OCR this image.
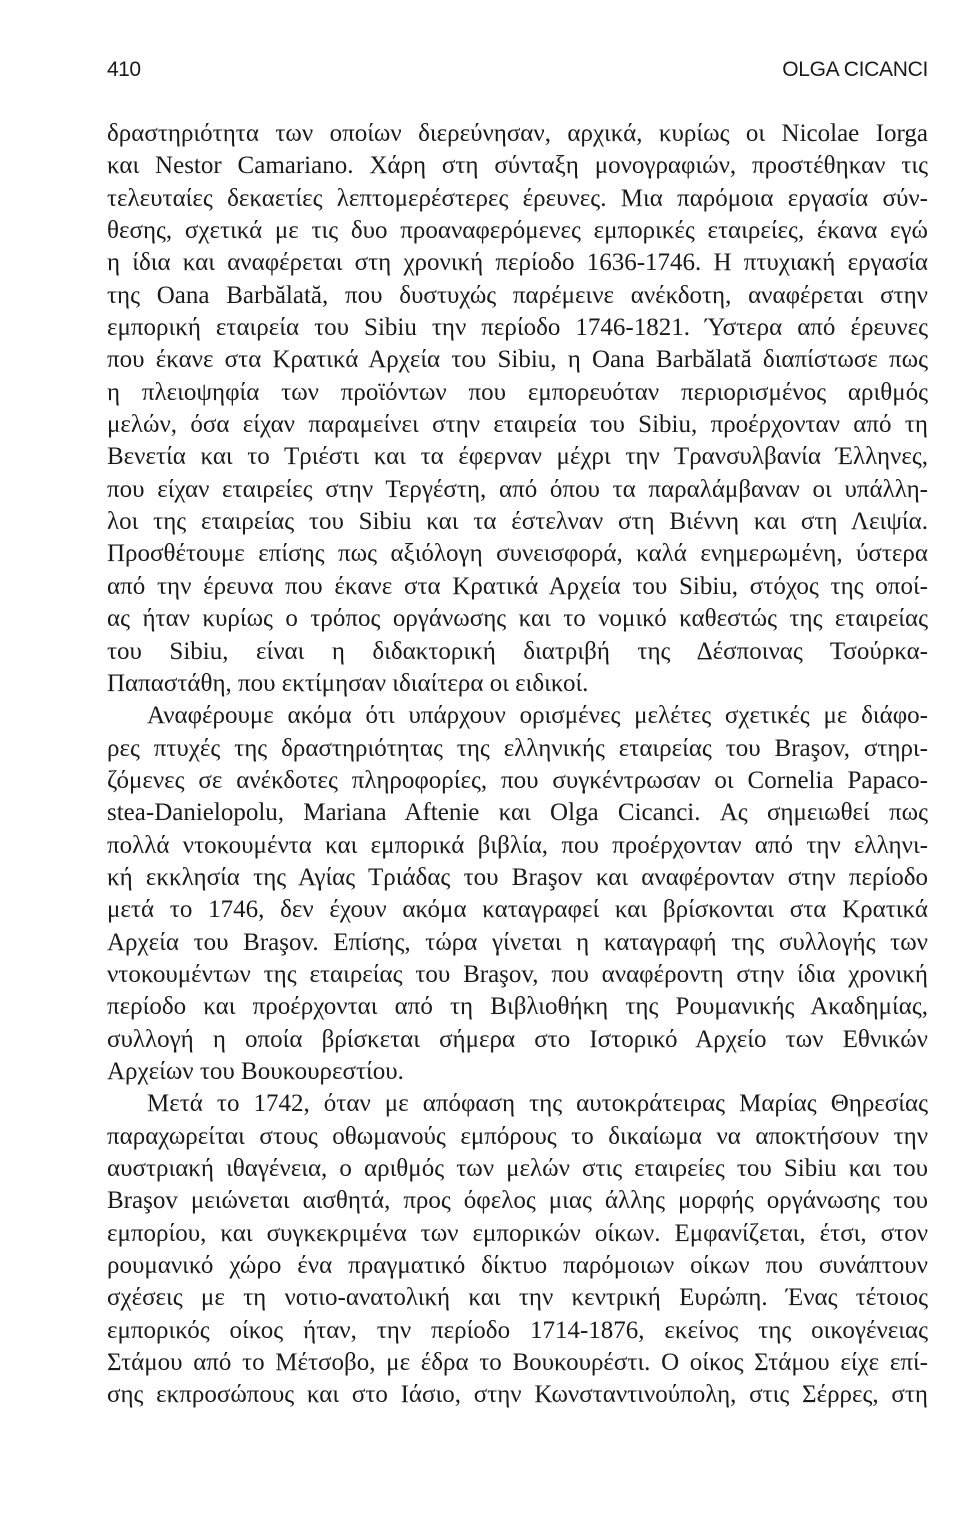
410	OLGA CICANCI
δραστηριότητα των οποίων διερεύνησαν, αρχικά, κυρίως οι Nicolae Iorga
και Nestor Camariano. Χάρη στη σύνταξη μονογραφιών, προστέθηκαν τις
τελευταίες δεκαετίες λεπτομερέστερες έρευνες. Μια παρόμοια εργασία σύν-
θεσης, σχετικά με τις δυο προαναφερόμενες εμπορικές εταιρείες, έκανα εγώ
η ίδια και αναφέρεται στη χρονική περίοδο 1636-1746. Η πτυχιακή εργασία
της Oana Barbălată, που δυστυχώς παρέμεινε ανέκδοτη, αναφέρεται στην
εμπορική εταιρεία του Sibiu την περίοδο 1746-1821. Ύστερα από έρευνες
που έκανε στα Κρατικά Αρχεία του Sibiu, η Oana Barbălată διαπίστωσε πως
η πλειοψηφία των προϊόντων που εμπορευόταν περιορισμένος αριθμός
μελών, όσα είχαν παραμείνει στην εταιρεία του Sibiu, προέρχονταν από τη
Βενετία και το Τριέστι και τα έφερναν μέχρι την Τρανσυλβανία Έλληνες,
που είχαν εταιρείες στην Τεργέστη, από όπου τα παραλάμβαναν οι υπάλλη-
λοι της εταιρείας του Sibiu και τα έστελναν στη Βιέννη και στη Λειψία.
Προσθέτουμε επίσης πως αξιόλογη συνεισφορά, καλά ενημερωμένη, ύστερα
από την έρευνα που έκανε στα Κρατικά Αρχεία του Sibiu, στόχος της οποί-
ας ήταν κυρίως ο τρόπος οργάνωσης και το νομικό καθεστώς της εταιρείας
του Sibiu, είναι η διδακτορική διατριβή της Δέσποινας Τσούρκα-
Παπαστάθη, που εκτίμησαν ιδιαίτερα οι ειδικοί.
Αναφέρουμε ακόμα ότι υπάρχουν ορισμένες μελέτες σχετικές με διάφο-
ρες πτυχές της δραστηριότητας της ελληνικής εταιρείας του Braşov, στηρι-
ζόμενες σε ανέκδοτες πληροφορίες, που συγκέντρωσαν οι Cornelia Papaco-
stea-Danielopolu, Mariana Aftenie και Olga Cicanci. Ας σημειωθεί πως
πολλά ντοκουμέντα και εμπορικά βιβλία, που προέρχονταν από την ελληνι-
κή εκκλησία της Αγίας Τριάδας του Braşov και αναφέρονταν στην περίοδο
μετά το 1746, δεν έχουν ακόμα καταγραφεί και βρίσκονται στα Κρατικά
Αρχεία του Braşov. Επίσης, τώρα γίνεται η καταγραφή της συλλογής των
ντοκουμέντων της εταιρείας του Braşov, που αναφέροντη στην ίδια χρονική
περίοδο και προέρχονται από τη Βιβλιοθήκη της Ρουμανικής Ακαδημίας,
συλλογή η οποία βρίσκεται σήμερα στο Ιστορικό Αρχείο των Εθνικών
Αρχείων του Βουκουρεστίου.
Μετά το 1742, όταν με απόφαση της αυτοκράτειρας Μαρίας Θηρεσίας
παραχωρείται στους οθωμανούς εμπόρους το δικαίωμα να αποκτήσουν την
αυστριακή ιθαγένεια, ο αριθμός των μελών στις εταιρείες του Sibiu και του
Braşov μειώνεται αισθητά, προς όφελος μιας άλλης μορφής οργάνωσης του
εμπορίου, και συγκεκριμένα των εμπορικών οίκων. Εμφανίζεται, έτσι, στον
ρουμανικό χώρο ένα πραγματικό δίκτυο παρόμοιων οίκων που συνάπτουν
σχέσεις με τη νοτιο-ανατολική και την κεντρική Ευρώπη. Ένας τέτοιος
εμπορικός οίκος ήταν, την περίοδο 1714-1876, εκείνος της οικογένειας
Στάμου από το Μέτσοβο, με έδρα το Βουκουρέστι. Ο οίκος Στάμου είχε επί-
σης εκπροσώπους και στο Ιάσιο, στην Κωνσταντινούπολη, στις Σέρρες, στη
